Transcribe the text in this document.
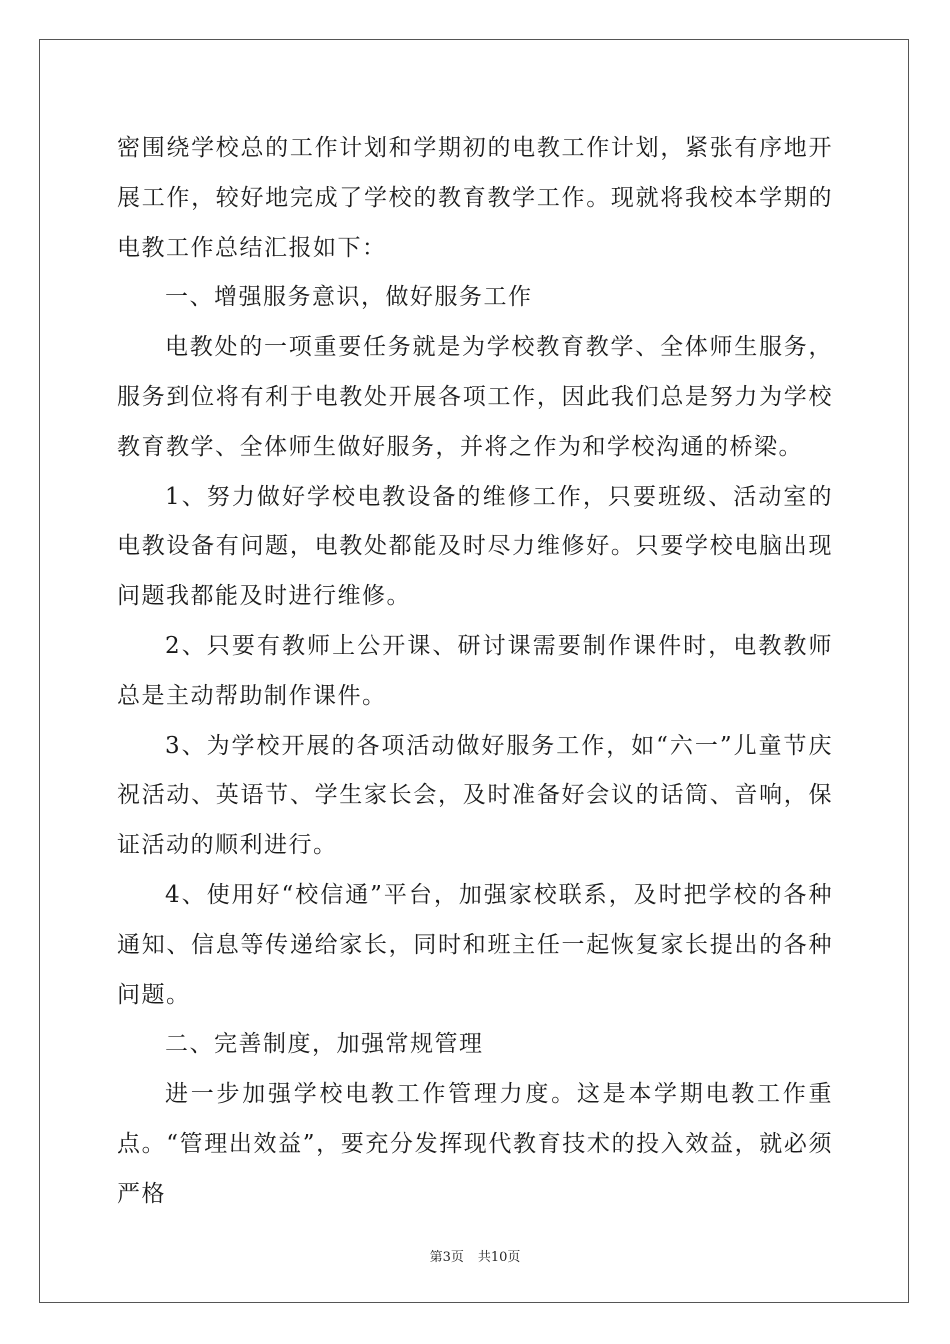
密围绕学校总的工作计划和学期初的电教工作计划，紧张有序地开展工作，较好地完成了学校的教育教学工作。现就将我校本学期的电教工作总结汇报如下：

一、增强服务意识，做好服务工作

电教处的一项重要任务就是为学校教育教学、全体师生服务，服务到位将有利于电教处开展各项工作，因此我们总是努力为学校教育教学、全体师生做好服务，并将之作为和学校沟通的桥梁。

1、努力做好学校电教设备的维修工作，只要班级、活动室的电教设备有问题，电教处都能及时尽力维修好。只要学校电脑出现问题我都能及时进行维修。

2、只要有教师上公开课、研讨课需要制作课件时，电教教师总是主动帮助制作课件。

3、为学校开展的各项活动做好服务工作，如“六一”儿童节庆祝活动、英语节、学生家长会，及时准备好会议的话筒、音响，保证活动的顺利进行。

4、使用好“校信通”平台，加强家校联系，及时把学校的各种通知、信息等传递给家长，同时和班主任一起恢复家长提出的各种问题。

二、完善制度，加强常规管理

进一步加强学校电教工作管理力度。这是本学期电教工作重点。“管理出效益”，要充分发挥现代教育技术的投入效益，就必须严格

第3页 共10页
